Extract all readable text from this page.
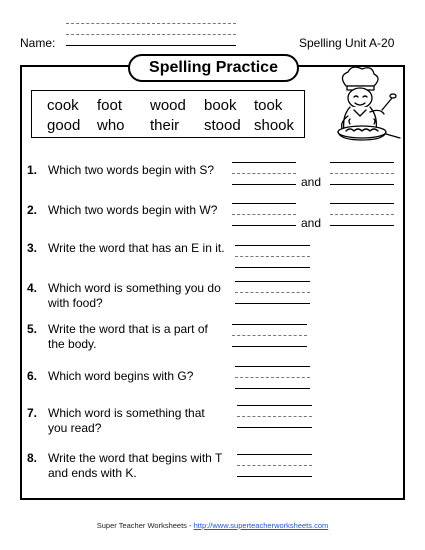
Name:	Spelling Unit A-20
Spelling Practice
cook foot wood book took
good who their stood shook
1. Which two words begin with S?
and
2. Which two words begin with W?
and
3. Write the word that has an E in it.
4. Which word is something you do
with food?
5. Write the word that is a part of
the body.
6. Which word begins with G?
7. Which word is something that
you read?
8. Write the word that begins with T
and ends with K.
Super Teacher Worksheets - http://www.superteacherworksheets.com
